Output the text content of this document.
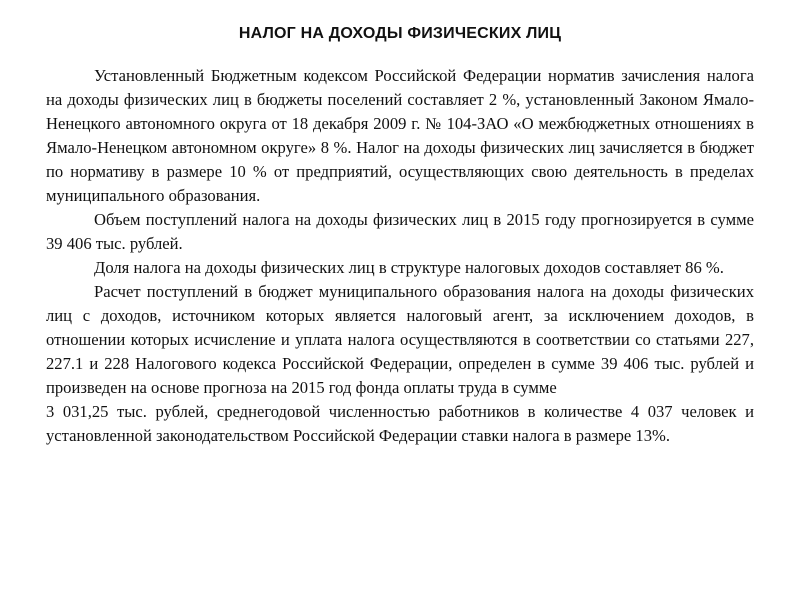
НАЛОГ НА ДОХОДЫ ФИЗИЧЕСКИХ ЛИЦ

Установленный Бюджетным кодексом Российской Федерации норматив зачисления налога на доходы физических лиц в бюджеты поселений составляет 2 %, установленный Законом Ямало-Ненецкого автономного округа от 18 декабря 2009 г. № 104-ЗАО «О межбюджетных отношениях в Ямало-Ненецком автономном округе» 8 %. Налог на доходы физических лиц зачисляется в бюджет по нормативу в размере 10 % от предприятий, осуществляющих свою деятельность в пределах муниципального образования.

Объем поступлений налога на доходы физических лиц в 2015 году прогнозируется в сумме 39 406 тыс. рублей.

Доля налога на доходы физических лиц в структуре налоговых доходов составляет 86 %.

Расчет поступлений в бюджет муниципального образования налога на доходы физических лиц с доходов, источником которых является налоговый агент, за исключением доходов, в отношении которых исчисление и уплата налога осуществляются в соответствии со статьями 227, 227.1 и 228 Налогового кодекса Российской Федерации, определен в сумме 39 406 тыс. рублей и произведен на основе прогноза на 2015 год фонда оплаты труда в сумме

3 031,25 тыс. рублей, среднегодовой численностью работников в количестве 4 037 человек и установленной законодательством Российской Федерации ставки налога в размере 13%.
